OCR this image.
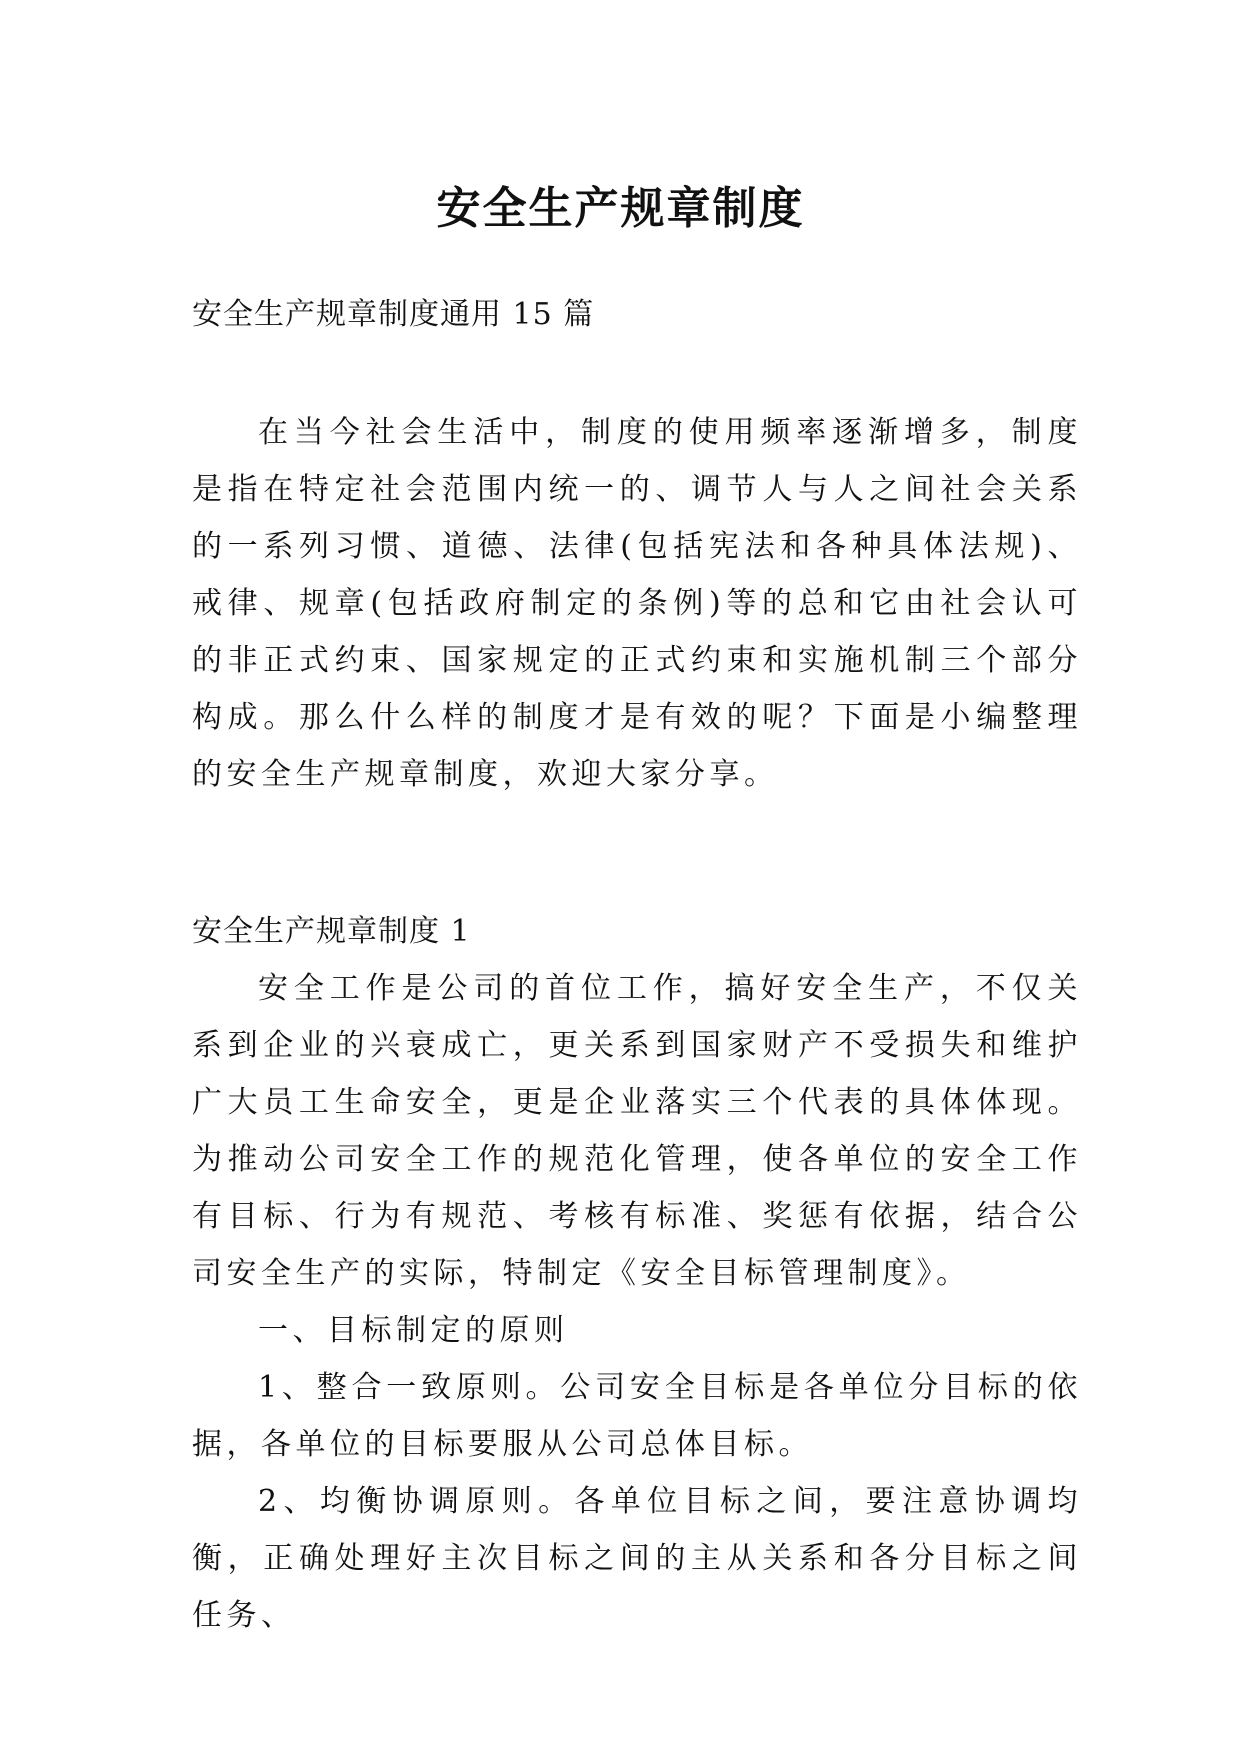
安全生产规章制度
安全生产规章制度通用 15 篇

在当今社会生活中，制度的使用频率逐渐增多，制度是指在特定社会范围内统一的、调节人与人之间社会关系的一系列习惯、道德、法律(包括宪法和各种具体法规)、戒律、规章(包括政府制定的条例)等的总和它由社会认可的非正式约束、国家规定的正式约束和实施机制三个部分构成。那么什么样的制度才是有效的呢？下面是小编整理的安全生产规章制度，欢迎大家分享。

安全生产规章制度 1

安全工作是公司的首位工作，搞好安全生产，不仅关系到企业的兴衰成亡，更关系到国家财产不受损失和维护广大员工生命安全，更是企业落实三个代表的具体体现。为推动公司安全工作的规范化管理，使各单位的安全工作有目标、行为有规范、考核有标准、奖惩有依据，结合公司安全生产的实际，特制定《安全目标管理制度》。

一、目标制定的原则

1、整合一致原则。公司安全目标是各单位分目标的依据，各单位的目标要服从公司总体目标。

2、均衡协调原则。各单位目标之间，要注意协调均衡，正确处理好主次目标之间的主从关系和各分目标之间任务、
